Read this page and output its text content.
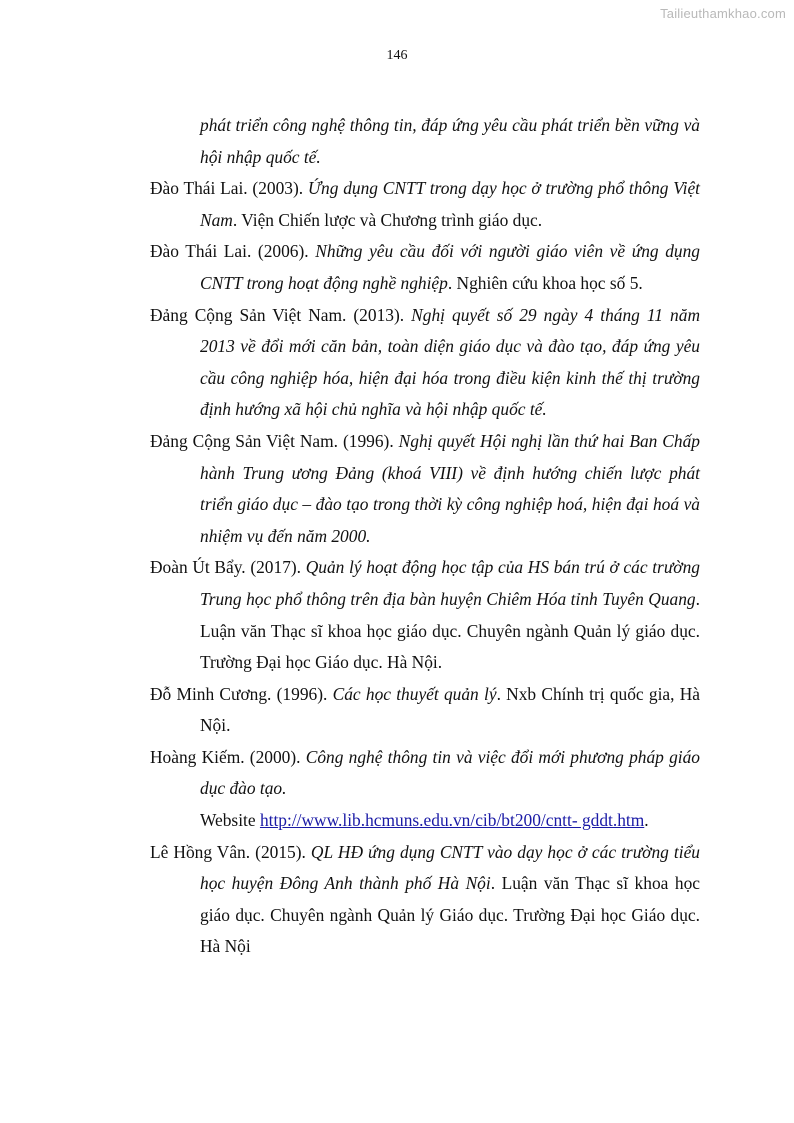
Tailieuthamkhao.com
146

phát triển công nghệ thông tin, đáp ứng yêu cầu phát triển bền vững và hội nhập quốc tế.

Đào Thái Lai. (2003). Ứng dụng CNTT trong dạy học ở trường phổ thông Việt Nam. Viện Chiến lược và Chương trình giáo dục.

Đào Thái Lai. (2006). Những yêu cầu đối với người giáo viên về ứng dụng CNTT trong hoạt động nghề nghiệp. Nghiên cứu khoa học số 5.

Đảng Cộng Sản Việt Nam. (2013). Nghị quyết số 29 ngày 4 tháng 11 năm 2013 về đổi mới căn bản, toàn diện giáo dục và đào tạo, đáp ứng yêu cầu công nghiệp hóa, hiện đại hóa trong điều kiện kinh thế thị trường định hướng xã hội chủ nghĩa và hội nhập quốc tế.

Đảng Cộng Sản Việt Nam. (1996). Nghị quyết Hội nghị lần thứ hai Ban Chấp hành Trung ương Đảng (khoá VIII) về định hướng chiến lược phát triển giáo dục – đào tạo trong thời kỳ công nghiệp hoá, hiện đại hoá và nhiệm vụ đến năm 2000.

Đoàn Út Bẩy. (2017). Quản lý hoạt động học tập của HS bán trú ở các trường Trung học phổ thông trên địa bàn huyện Chiêm Hóa tỉnh Tuyên Quang. Luận văn Thạc sĩ khoa học giáo dục. Chuyên ngành Quản lý giáo dục. Trường Đại học Giáo dục. Hà Nội.

Đỗ Minh Cương. (1996). Các học thuyết quản lý. Nxb Chính trị quốc gia, Hà Nội.

Hoàng Kiếm. (2000). Công nghệ thông tin và việc đổi mới phương pháp giáo dục đào tạo.

Website http://www.lib.hcmuns.edu.vn/cib/bt200/cntt- gddt.htm.

Lê Hồng Vân. (2015). QL HĐ ứng dụng CNTT vào dạy học ở các trường tiểu học huyện Đông Anh thành phố Hà Nội. Luận văn Thạc sĩ khoa học giáo dục. Chuyên ngành Quản lý Giáo dục. Trường Đại học Giáo dục. Hà Nội
